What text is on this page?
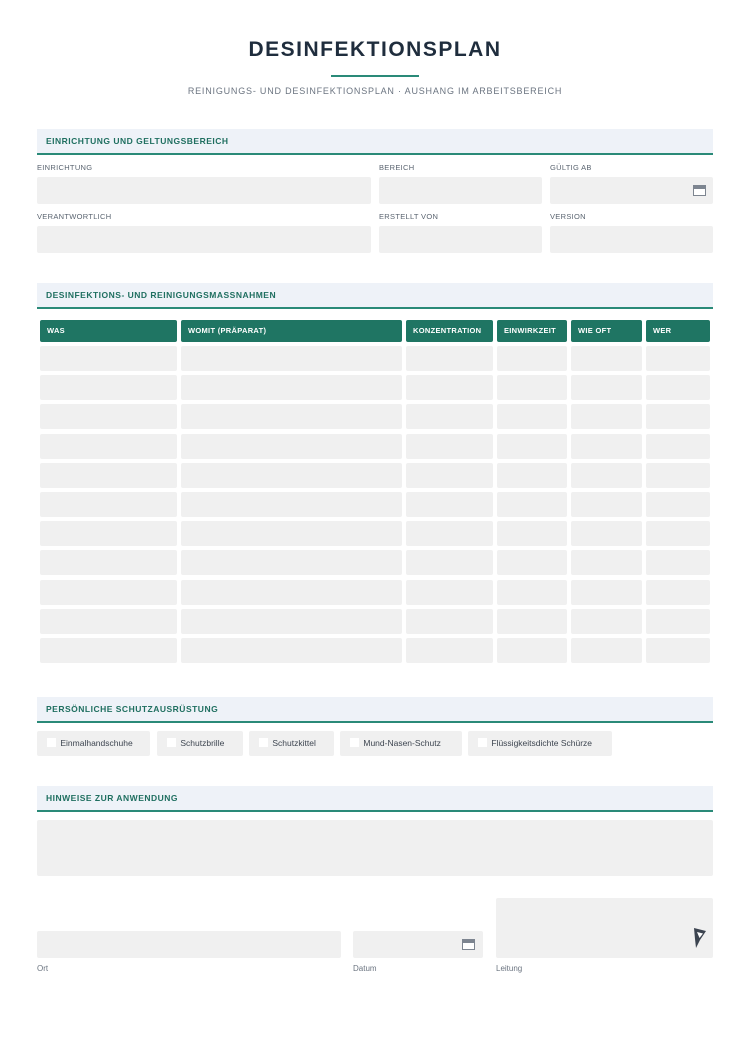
DESINFEKTIONSPLAN
REINIGUNGS- UND DESINFEKTIONSPLAN · AUSHANG IM ARBEITSBEREICH
EINRICHTUNG UND GELTUNGSBEREICH
EINRICHTUNG	BEREICH	GÜLTIG AB
VERANTWORTLICH	ERSTELLT VON	VERSION
DESINFEKTIONS- UND REINIGUNGSMASSNAHMEN
WAS	WOMIT (PRÄPARAT)	KONZENTRATION	EINWIRKZEIT	WIE OFT	WER
PERSÖNLICHE SCHUTZAUSRÜSTUNG
Einmalhandschuhe	Schutzbrille	Schutzkittel	Mund-Nasen-Schutz	Flüssigkeitsdichte Schürze
HINWEISE ZUR ANWENDUNG
Ort	Datum	Leitung
